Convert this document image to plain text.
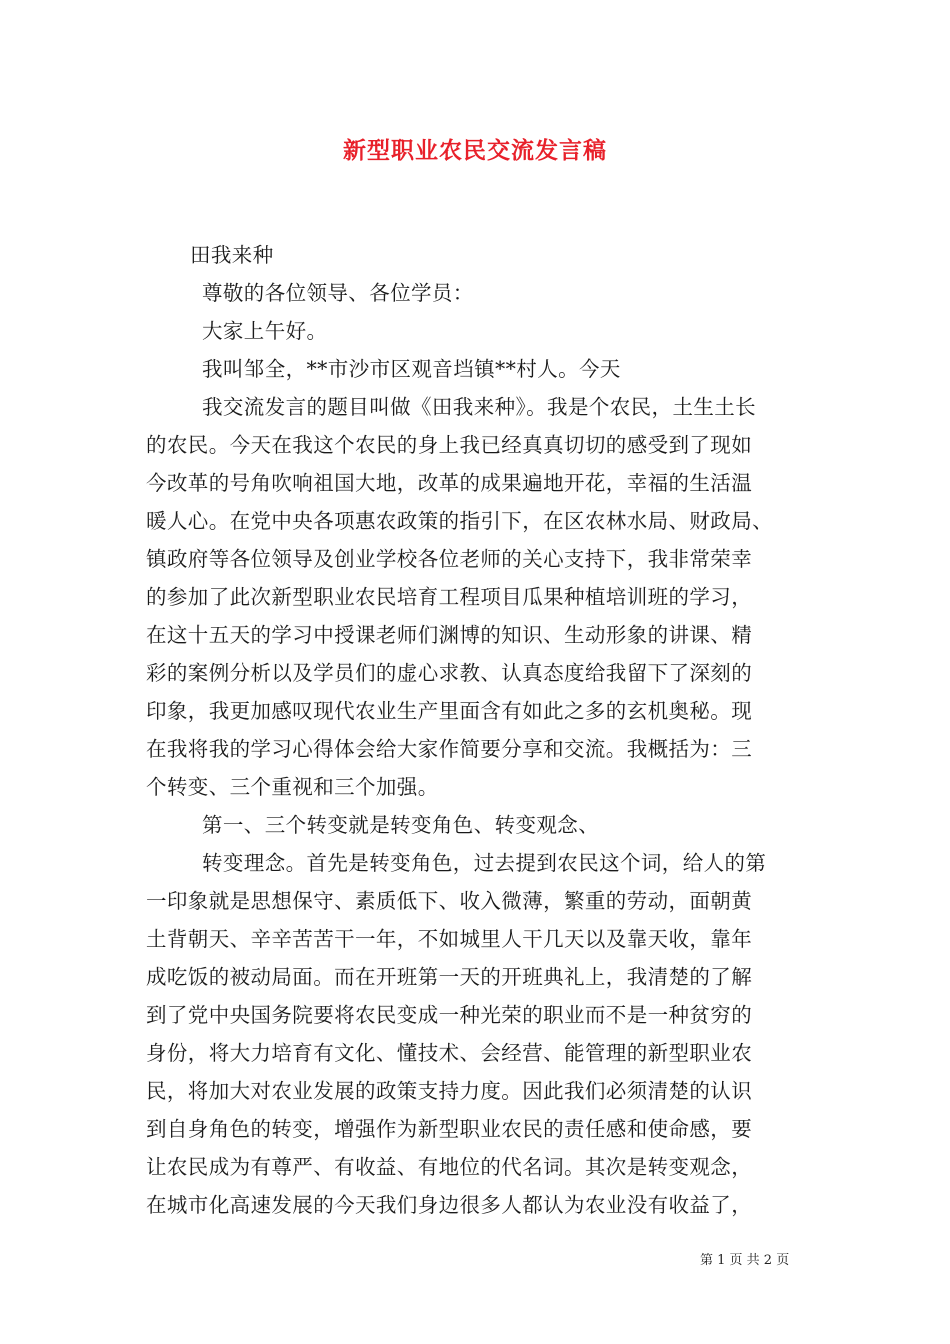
新型职业农民交流发言稿
田我来种
尊敬的各位领导、各位学员：
大家上午好。
我叫邹全，**市沙市区观音垱镇**村人。今天
我交流发言的题目叫做《田我来种》。我是个农民，土生土长
的农民。今天在我这个农民的身上我已经真真切切的感受到了现如
今改革的号角吹响祖国大地，改革的成果遍地开花，幸福的生活温
暖人心。在党中央各项惠农政策的指引下，在区农林水局、财政局、
镇政府等各位领导及创业学校各位老师的关心支持下，我非常荣幸
的参加了此次新型职业农民培育工程项目瓜果种植培训班的学习，
在这十五天的学习中授课老师们渊博的知识、生动形象的讲课、精
彩的案例分析以及学员们的虚心求教、认真态度给我留下了深刻的
印象，我更加感叹现代农业生产里面含有如此之多的玄机奥秘。现
在我将我的学习心得体会给大家作简要分享和交流。我概括为：三
个转变、三个重视和三个加强。
第一、三个转变就是转变角色、转变观念、
转变理念。首先是转变角色，过去提到农民这个词，给人的第
一印象就是思想保守、素质低下、收入微薄，繁重的劳动，面朝黄
土背朝天、辛辛苦苦干一年，不如城里人干几天以及靠天收，靠年
成吃饭的被动局面。而在开班第一天的开班典礼上，我清楚的了解
到了党中央国务院要将农民变成一种光荣的职业而不是一种贫穷的
身份，将大力培育有文化、懂技术、会经营、能管理的新型职业农
民，将加大对农业发展的政策支持力度。因此我们必须清楚的认识
到自身角色的转变，增强作为新型职业农民的责任感和使命感，要
让农民成为有尊严、有收益、有地位的代名词。其次是转变观念，
在城市化高速发展的今天我们身边很多人都认为农业没有收益了，
第 1 页 共 2 页
